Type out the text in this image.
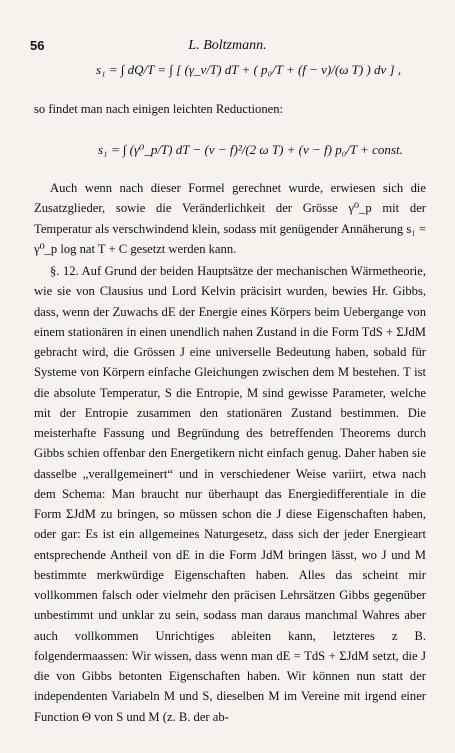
56	L. Boltzmann.
s₁ = ∫ dQ/T = ∫ [ (γ_v/T) dT + ( p₀/T + (f − v)/(ω T) ) dv ] ,
so findet man nach einigen leichten Reductionen:
s₁ = ∫ (γ⁰_p/T) dT − (v − f)²/(2 ω T) + (v − f) p₀/T + const.

Auch wenn nach dieser Formel gerechnet wurde, erwiesen sich die Zusatzglieder, sowie die Veränderlichkeit der Grösse γ⁰_p mit der Temperatur als verschwindend klein, sodass mit genügender Annäherung s₁ = γ⁰_p log nat T + C gesetzt werden kann.

§. 12. Auf Grund der beiden Hauptsätze der mechanischen Wärmetheorie, wie sie von Clausius und Lord Kelvin präcisirt wurden, bewies Hr. Gibbs, dass, wenn der Zuwachs dE der Energie eines Körpers beim Uebergange von einem stationären in einen unendlich nahen Zustand in die Form TdS + ΣJdM gebracht wird, die Grössen J eine universelle Bedeutung haben, sobald für Systeme von Körpern einfache Gleichungen zwischen dem M bestehen. T ist die absolute Temperatur, S die Entropie, M sind gewisse Parameter, welche mit der Entropie zusammen den stationären Zustand bestimmen. Die meisterhafte Fassung und Begründung des betreffenden Theorems durch Gibbs schien offenbar den Energetikern nicht einfach genug. Daher haben sie dasselbe „verallgemeinert“ und in verschiedener Weise variirt, etwa nach dem Schema: Man braucht nur überhaupt das Energiedifferentiale in die Form ΣJdM zu bringen, so müssen schon die J diese Eigenschaften haben, oder gar: Es ist ein allgemeines Naturgesetz, dass sich der jeder Energieart entsprechende Antheil von dE in die Form JdM bringen lässt, wo J und M bestimmte merkwürdige Eigenschaften haben. Alles das scheint mir vollkommen falsch oder vielmehr den präcisen Lehrsätzen Gibbs gegenüber unbestimmt und unklar zu sein, sodass man daraus manchmal Wahres aber auch vollkommen Unrichtiges ableiten kann, letzteres z B. folgendermaassen: Wir wissen, dass wenn man dE = TdS + ΣJdM setzt, die J die von Gibbs betonten Eigenschaften haben. Wir können nun statt der independenten Variabeln M und S, dieselben M im Vereine mit irgend einer Function Θ von S und M (z. B. der ab-
